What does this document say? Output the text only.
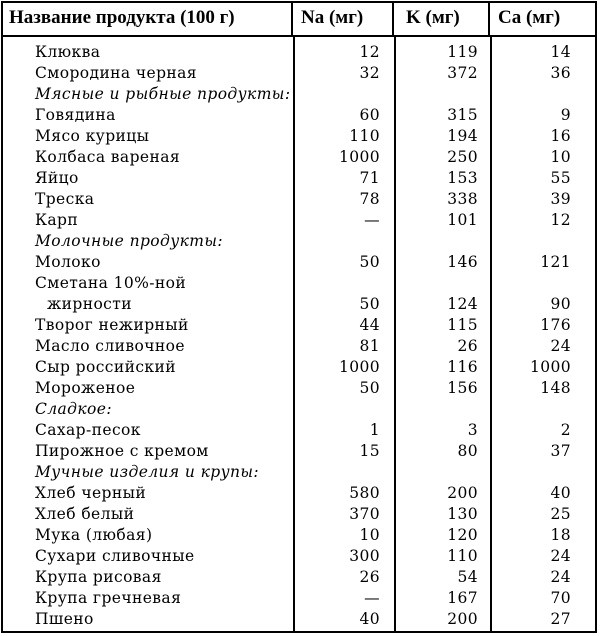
Название продукта (100 г)	Na (мг)	K (мг)	Ca (мг)
Клюква	12	119	14
Смородина черная	32	372	36
Мясные и рыбные продукты:
Говядина	60	315	9
Мясо курицы	110	194	16
Колбаса вареная	1000	250	10
Яйцо	71	153	55
Треска	78	338	39
Карп	—	101	12
Молочные продукты:
Молоко	50	146	121
Сметана 10%-ной
жирности	50	124	90
Творог нежирный	44	115	176
Масло сливочное	81	26	24
Сыр российский	1000	116	1000
Мороженое	50	156	148
Сладкое:
Сахар-песок	1	3	2
Пирожное с кремом	15	80	37
Мучные изделия и крупы:
Хлеб черный	580	200	40
Хлеб белый	370	130	25
Мука (любая)	10	120	18
Сухари сливочные	300	110	24
Крупа рисовая	26	54	24
Крупа гречневая	—	167	70
Пшено	40	200	27
